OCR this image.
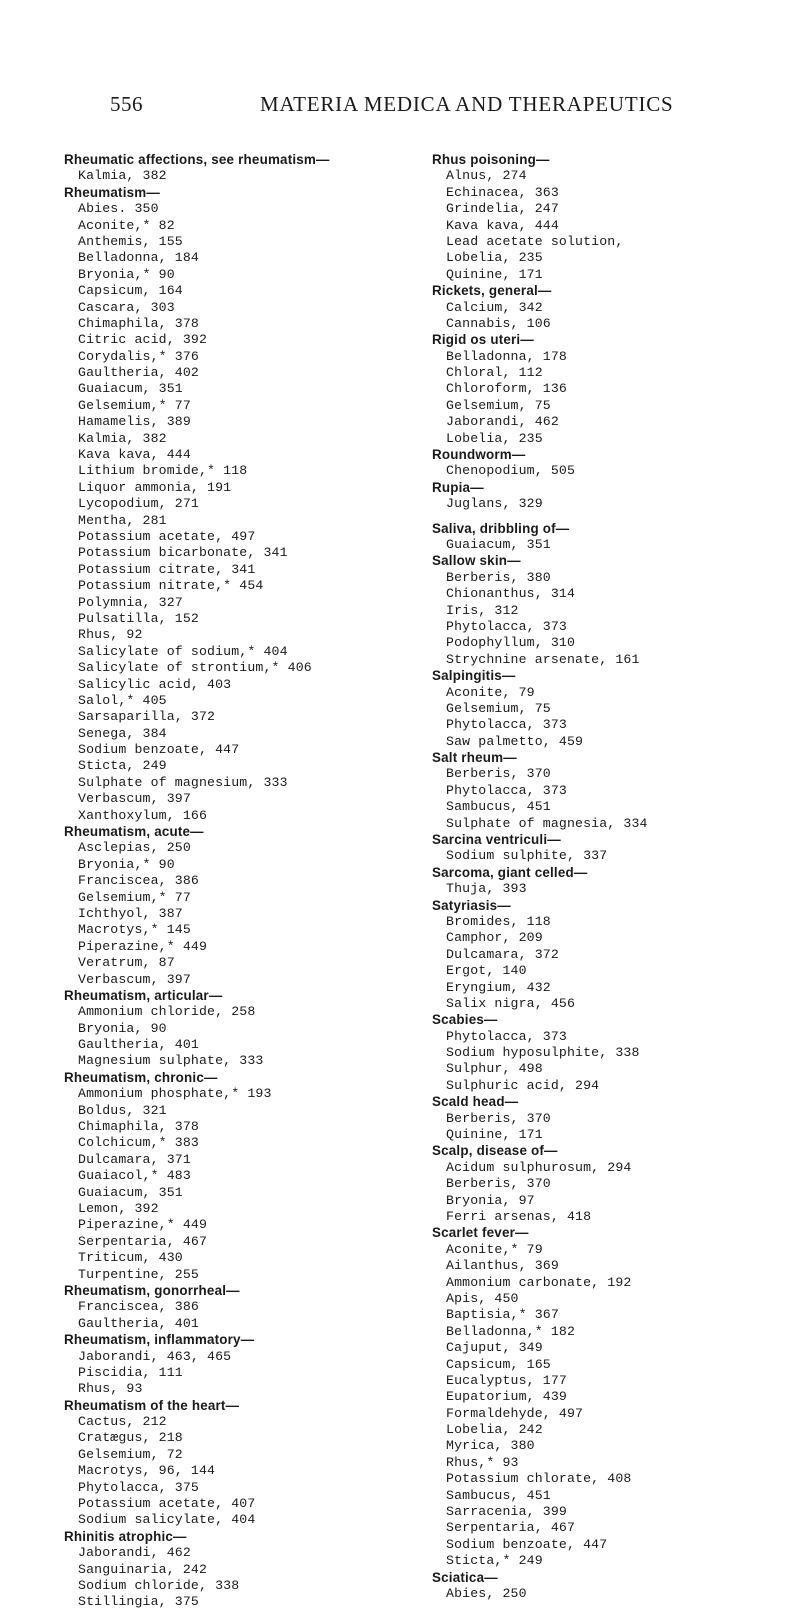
556	MATERIA MEDICA AND THERAPEUTICS
Rheumatic affections, see rheumatism—
Kalmia, 382
Rheumatism—
Abies. 350
Aconite,* 82
Anthemis, 155
Belladonna, 184
Bryonia,* 90
Capsicum, 164
Cascara, 303
Chimaphila, 378
Citric acid, 392
Corydalis,* 376
Gaultheria, 402
Guaiacum, 351
Gelsemium,* 77
Hamamelis, 389
Kalmia, 382
Kava kava, 444
Lithium bromide,* 118
Liquor ammonia, 191
Lycopodium, 271
Mentha, 281
Potassium acetate, 497
Potassium bicarbonate, 341
Potassium citrate, 341
Potassium nitrate,* 454
Polymnia, 327
Pulsatilla, 152
Rhus, 92
Salicylate of sodium,* 404
Salicylate of strontium,* 406
Salicylic acid, 403
Salol,* 405
Sarsaparilla, 372
Senega, 384
Sodium benzoate, 447
Sticta, 249
Sulphate of magnesium, 333
Verbascum, 397
Xanthoxylum, 166
Rheumatism, acute—
Asclepias, 250
Bryonia,* 90
Franciscea, 386
Gelsemium,* 77
Ichthyol, 387
Macrotys,* 145
Piperazine,* 449
Veratrum, 87
Verbascum, 397
Rheumatism, articular—
Ammonium chloride, 258
Bryonia, 90
Gaultheria, 401
Magnesium sulphate, 333
Rheumatism, chronic—
Ammonium phosphate,* 193
Boldus, 321
Chimaphila, 378
Colchicum,* 383
Dulcamara, 371
Guaiacol,* 483
Guaiacum, 351
Lemon, 392
Piperazine,* 449
Serpentaria, 467
Triticum, 430
Turpentine, 255
Rheumatism, gonorrheal—
Franciscea, 386
Gaultheria, 401
Rheumatism, inflammatory—
Jaborandi, 463, 465
Piscidia, 111
Rhus, 93
Rheumatism of the heart—
Cactus, 212
Cratægus, 218
Gelsemium, 72
Macrotys, 96, 144
Phytolacca, 375
Potassium acetate, 407
Sodium salicylate, 404
Rhinitis atrophic—
Jaborandi, 462
Sanguinaria, 242
Sodium chloride, 338
Stillingia, 375
Rhus poisoning—
Alnus, 274
Echinacea, 363
Grindelia, 247
Kava kava, 444
Lead acetate solution,
Lobelia, 235
Quinine, 171
Rickets, general—
Calcium, 342
Cannabis, 106
Rigid os uteri—
Belladonna, 178
Chloral, 112
Chloroform, 136
Gelsemium, 75
Jaborandi, 462
Lobelia, 235
Roundworm—
Chenopodium, 505
Rupia—
Juglans, 329
Saliva, dribbling of—
Guaiacum, 351
Sallow skin—
Berberis, 380
Chionanthus, 314
Iris, 312
Phytolacca, 373
Podophyllum, 310
Strychnine arsenate, 161
Salpingitis—
Aconite, 79
Gelsemium, 75
Phytolacca, 373
Saw palmetto, 459
Salt rheum—
Berberis, 370
Phytolacca, 373
Sambucus, 451
Sulphate of magnesia, 334
Sarcina ventriculi—
Sodium sulphite, 337
Sarcoma, giant celled—
Thuja, 393
Satyriasis—
Bromides, 118
Camphor, 209
Dulcamara, 372
Ergot, 140
Eryngium, 432
Salix nigra, 456
Scabies—
Phytolacca, 373
Sodium hyposulphite, 338
Sulphur, 498
Sulphuric acid, 294
Scald head—
Berberis, 370
Quinine, 171
Scalp, disease of—
Acidum sulphurosum, 294
Berberis, 370
Bryonia, 97
Ferri arsenas, 418
Scarlet fever—
Aconite,* 79
Ailanthus, 369
Ammonium carbonate, 192
Apis, 450
Baptisia,* 367
Belladonna,* 182
Cajuput, 349
Capsicum, 165
Eucalyptus, 177
Eupatorium, 439
Formaldehyde, 497
Lobelia, 242
Myrica, 380
Rhus,* 93
Potassium chlorate, 408
Sambucus, 451
Sarracenia, 399
Serpentaria, 467
Sodium benzoate, 447
Sticta,* 249
Sciatica—
Abies, 250
